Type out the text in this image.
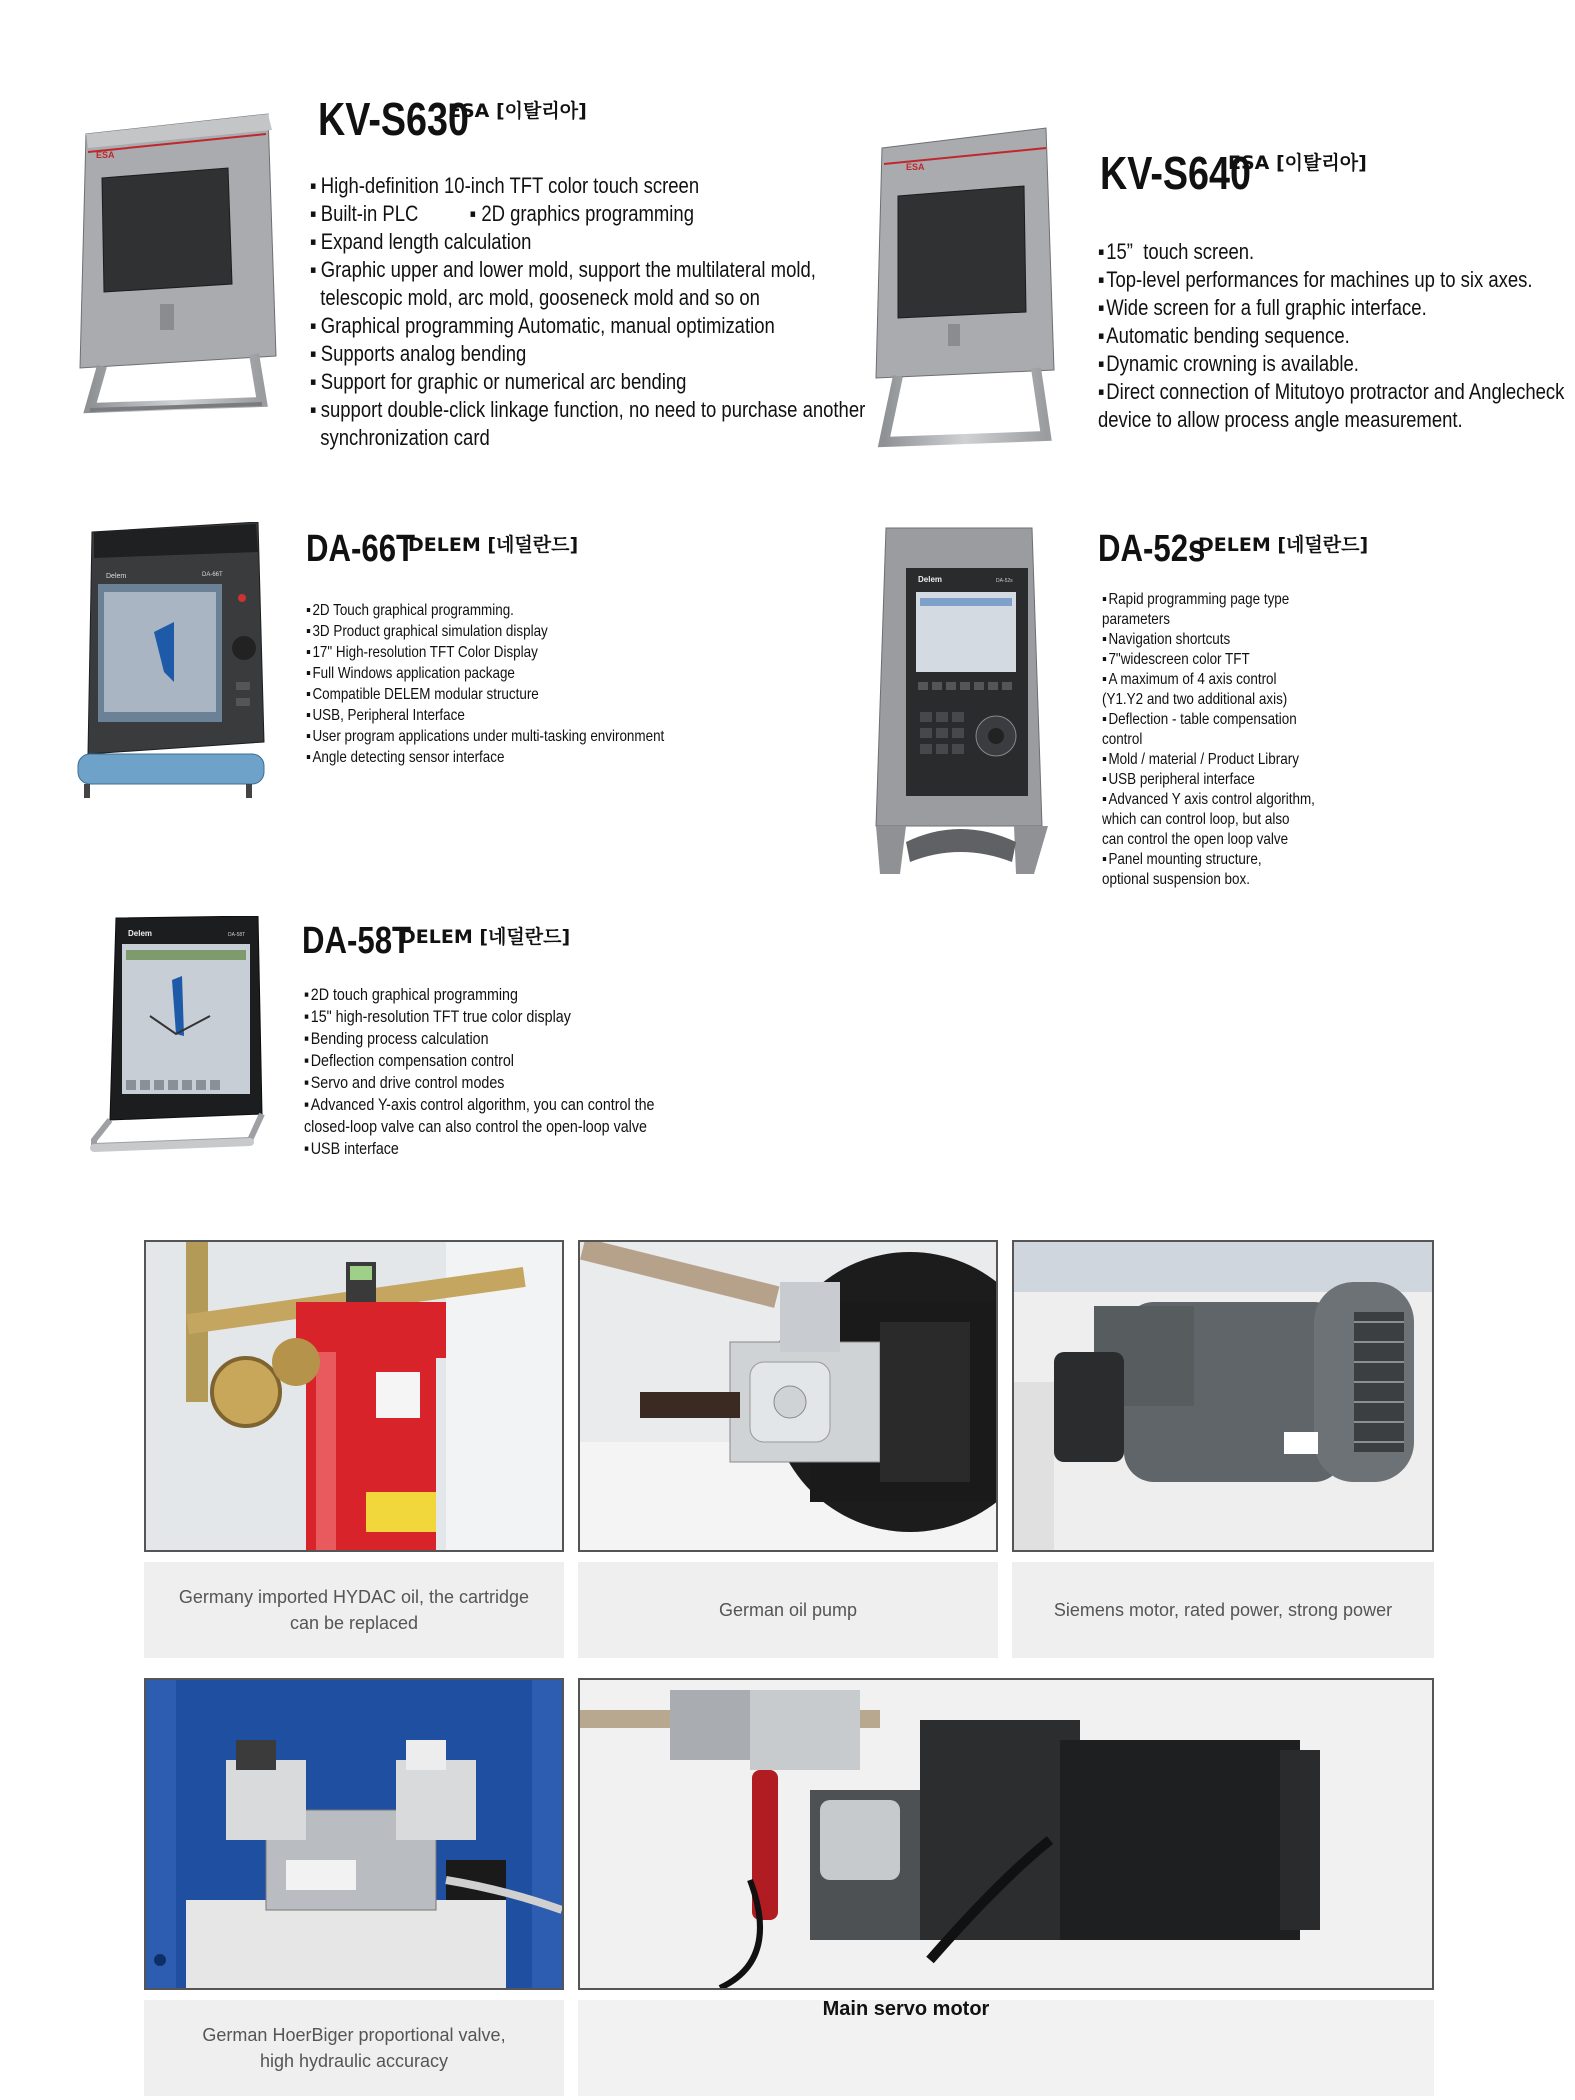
ESA
KV-S630
ESA [이탈리아]
▪ High-definition 10-inch TFT color touch screen
▪ Built-in PLC          ▪ 2D graphics programming
▪ Expand length calculation
▪ Graphic upper and lower mold, support the multilateral mold,
telescopic mold, arc mold, gooseneck mold and so on
▪ Graphical programming Automatic, manual optimization
▪ Supports analog bending
▪ Support for graphic or numerical arc bending
▪ support double-click linkage function, no need to purchase another
synchronization card
ESA	KV-S640
ESA [이탈리아]
▪ 15”  touch screen.
▪ Top-level performances for machines up to six axes.
▪ Wide screen for a full graphic interface.
▪ Automatic bending sequence.
▪ Dynamic crowning is available.
▪ Direct connection of Mitutoyo protractor and Anglecheck
device to allow process angle measurement.
Delem	DA-66T
DA-66T
DELEM [네덜란드]
▪ 2D Touch graphical programming.
▪ 3D Product graphical simulation display
▪ 17" High-resolution TFT Color Display
▪ Full Windows application package
▪ Compatible DELEM modular structure
▪ USB, Peripheral Interface
▪ User program applications under multi-tasking environment
▪ Angle detecting sensor interface
Delem	DA-52s
DA-52s
DELEM [네덜란드]
▪ Rapid programming page type
parameters
▪ Navigation shortcuts
▪ 7"widescreen color TFT
▪ A maximum of 4 axis control
(Y1.Y2 and two additional axis)
▪ Deflection - table compensation
control
▪ Mold / material / Product Library
▪ USB peripheral interface
▪ Advanced Y axis control algorithm,
which can control loop, but also
can control the open loop valve
▪ Panel mounting structure,
optional suspension box.
Delem	DA-58T DA-58T
DELEM [네덜란드]
▪ 2D touch graphical programming
▪ 15" high-resolution TFT true color display
▪ Bending process calculation
▪ Deflection compensation control
▪ Servo and drive control modes
▪ Advanced Y-axis control algorithm, you can control the
closed-loop valve can also control the open-loop valve
▪ USB interface
Germany imported HYDAC oil, the cartridge
can be replaced
German oil pump	Siemens motor, rated power, strong power
German HoerBiger proportional valve,
high hydraulic accuracy
Main servo motor
